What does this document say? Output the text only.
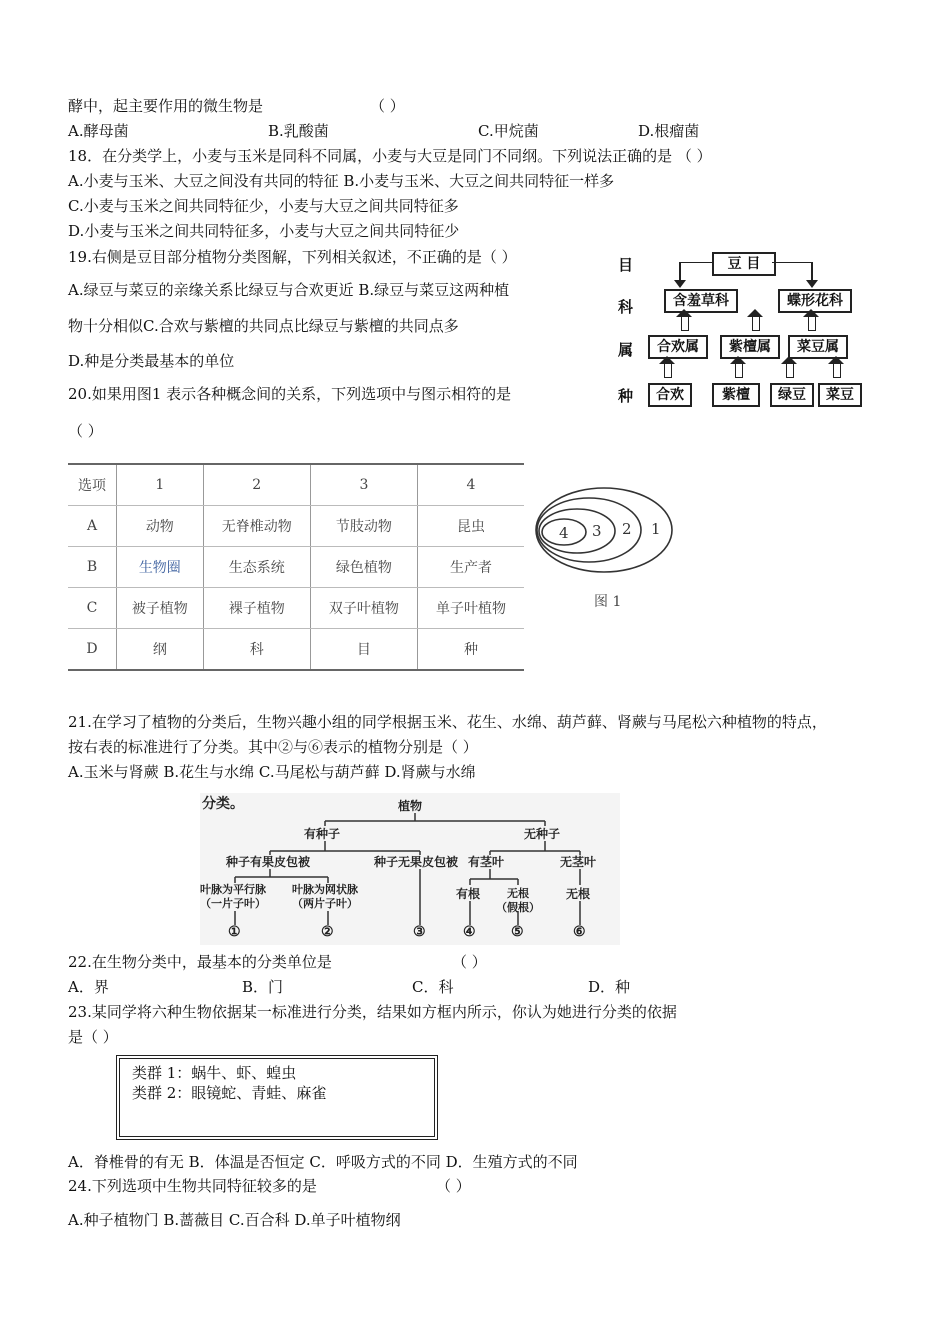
酵中，起主要作用的微生物是	（ ）
A.酵母菌	B.乳酸菌	C.甲烷菌	D.根瘤菌
18．在分类学上，小麦与玉米是同科不同属，小麦与大豆是同门不同纲。下列说法正确的是 （ ）
A.小麦与玉米、大豆之间没有共同的特征 B.小麦与玉米、大豆之间共同特征一样多
C.小麦与玉米之间共同特征少，小麦与大豆之间共同特征多
D.小麦与玉米之间共同特征多，小麦与大豆之间共同特征少
19.右侧是豆目部分植物分类图解，下列相关叙述，不正确的是（ ）
A.绿豆与菜豆的亲缘关系比绿豆与合欢更近 B.绿豆与菜豆这两种植
物十分相似C.合欢与紫檀的共同点比绿豆与紫檀的共同点多
D.种是分类最基本的单位
目
科
属
种
豆 目
含羞草科	蝶形花科
合欢属	紫檀属	菜豆属
合欢	紫檀	绿豆	菜豆
20.如果用图1 表示各种概念间的关系，下列选项中与图示相符的是
（ ）
选项	1	2	3	4
A	动物	无脊椎动物	节肢动物	昆虫
B	生物圈	生态系统	绿色植物	生产者
C	被子植物	裸子植物	双子叶植物	单子叶植物
D	纲	科	目	种
4 3 2 1
图 1
21.在学习了植物的分类后，生物兴趣小组的同学根据玉米、花生、水绵、葫芦藓、肾蕨与马尾松六种植物的特点，
按右表的标准进行了分类。其中②与⑥表示的植物分别是（ ）
A.玉米与肾蕨 B.花生与水绵 C.马尾松与葫芦藓 D.肾蕨与水绵
分类。	植物
有种子	无种子
种子有果皮包被	种子无果皮包被 有茎叶	无茎叶
叶脉为平行脉
（一片子叶）
叶脉为网状脉
（两片子叶）
有根	无根
（假根）
无根
①	②	③	④	⑤	⑥
22.在生物分类中，最基本的分类单位是	（ ）
A．界	B．门	C．科	D．种
23.某同学将六种生物依据某一标准进行分类，结果如方框内所示，你认为她进行分类的依据
是（ ）
类群 1：蜗牛、虾、蝗虫
类群 2：眼镜蛇、青蛙、麻雀
A．脊椎骨的有无 B．体温是否恒定 C．呼吸方式的不同 D．生殖方式的不同
24.下列选项中生物共同特征较多的是	（ ）
A.种子植物门 B.蔷薇目 C.百合科 D.单子叶植物纲
